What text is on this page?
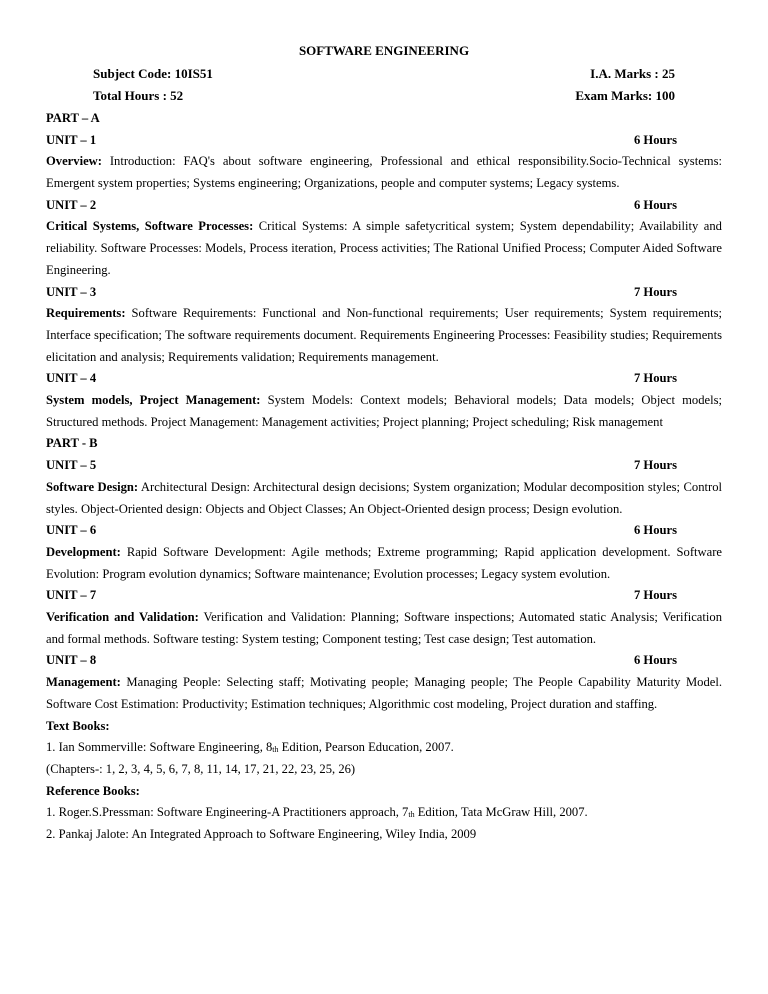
SOFTWARE ENGINEERING
Subject Code: 10IS51	I.A. Marks : 25
Total Hours : 52	Exam Marks: 100
PART – A
UNIT – 1	6 Hours
Overview: Introduction: FAQ's about software engineering, Professional and ethical responsibility.Socio-Technical systems: Emergent system properties; Systems engineering; Organizations, people and computer systems; Legacy systems.
UNIT – 2	6 Hours
Critical Systems, Software Processes: Critical Systems: A simple safetycritical system; System dependability; Availability and reliability. Software Processes: Models, Process iteration, Process activities; The Rational Unified Process; Computer Aided Software Engineering.
UNIT – 3	7 Hours
Requirements: Software Requirements: Functional and Non-functional requirements; User requirements; System requirements; Interface specification; The software requirements document. Requirements Engineering Processes: Feasibility studies; Requirements elicitation and analysis; Requirements validation; Requirements management.
UNIT – 4	7 Hours
System models, Project Management: System Models: Context models; Behavioral models; Data models; Object models; Structured methods. Project Management: Management activities; Project planning; Project scheduling; Risk management
PART - B
UNIT – 5	7 Hours
Software Design: Architectural Design: Architectural design decisions; System organization; Modular decomposition styles; Control styles. Object-Oriented design: Objects and Object Classes; An Object-Oriented design process; Design evolution.
UNIT – 6	6 Hours
Development: Rapid Software Development: Agile methods; Extreme programming; Rapid application development. Software Evolution: Program evolution dynamics; Software maintenance; Evolution processes; Legacy system evolution.
UNIT – 7	7 Hours
Verification and Validation: Verification and Validation: Planning; Software inspections; Automated static Analysis; Verification and formal methods. Software testing: System testing; Component testing; Test case design; Test automation.
UNIT – 8	6 Hours
Management: Managing People: Selecting staff; Motivating people; Managing people; The People Capability Maturity Model. Software Cost Estimation: Productivity; Estimation techniques; Algorithmic cost modeling, Project duration and staffing.
Text Books:
1. Ian Sommerville: Software Engineering, $8_{th}$ Edition, Pearson Education, 2007.
(Chapters-: 1, 2, 3, 4, 5, 6, 7, 8, 11, 14, 17, 21, 22, 23, 25, 26)
Reference Books:
1. Roger.S.Pressman: Software Engineering-A Practitioners approach, $7_{th}$ Edition, Tata McGraw Hill, 2007.
2. Pankaj Jalote: An Integrated Approach to Software Engineering, Wiley India, 2009
